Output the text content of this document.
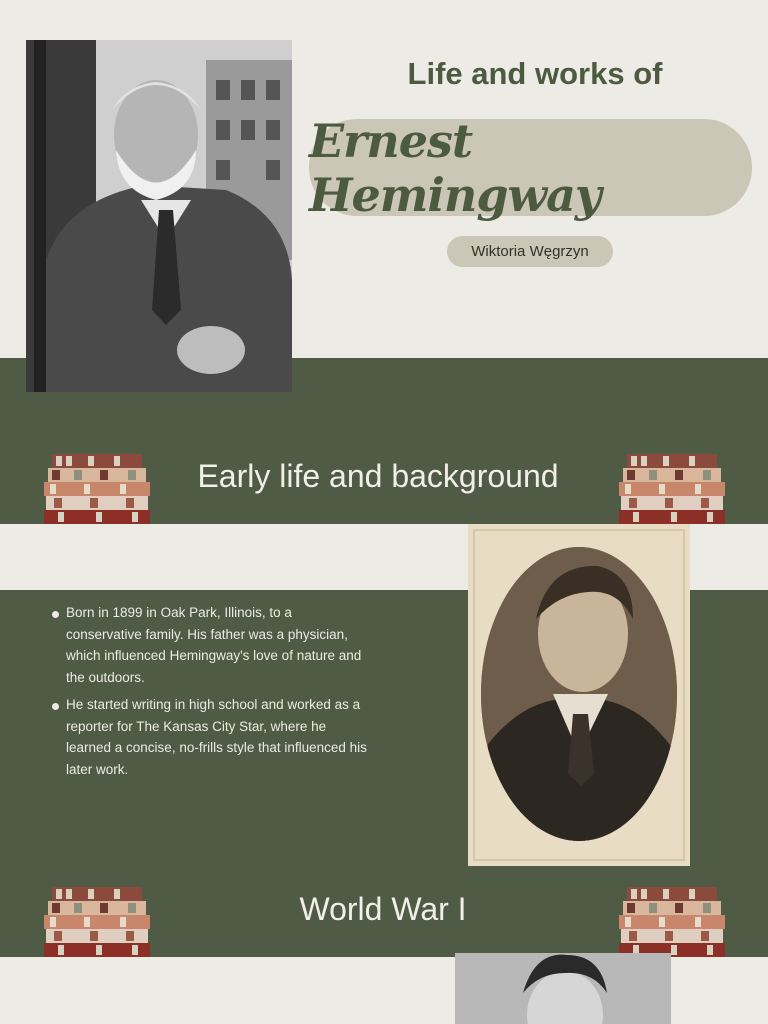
Life and works of
Ernest Hemingway
Wiktoria Węgrzyn
Early life and background
Born in 1899 in Oak Park, Illinois, to a conservative family. His father was a physician, which influenced Hemingway's love of nature and the outdoors.
He started writing in high school and worked as a reporter for The Kansas City Star, where he learned a concise, no-frills style that influenced his later work.
World War I
